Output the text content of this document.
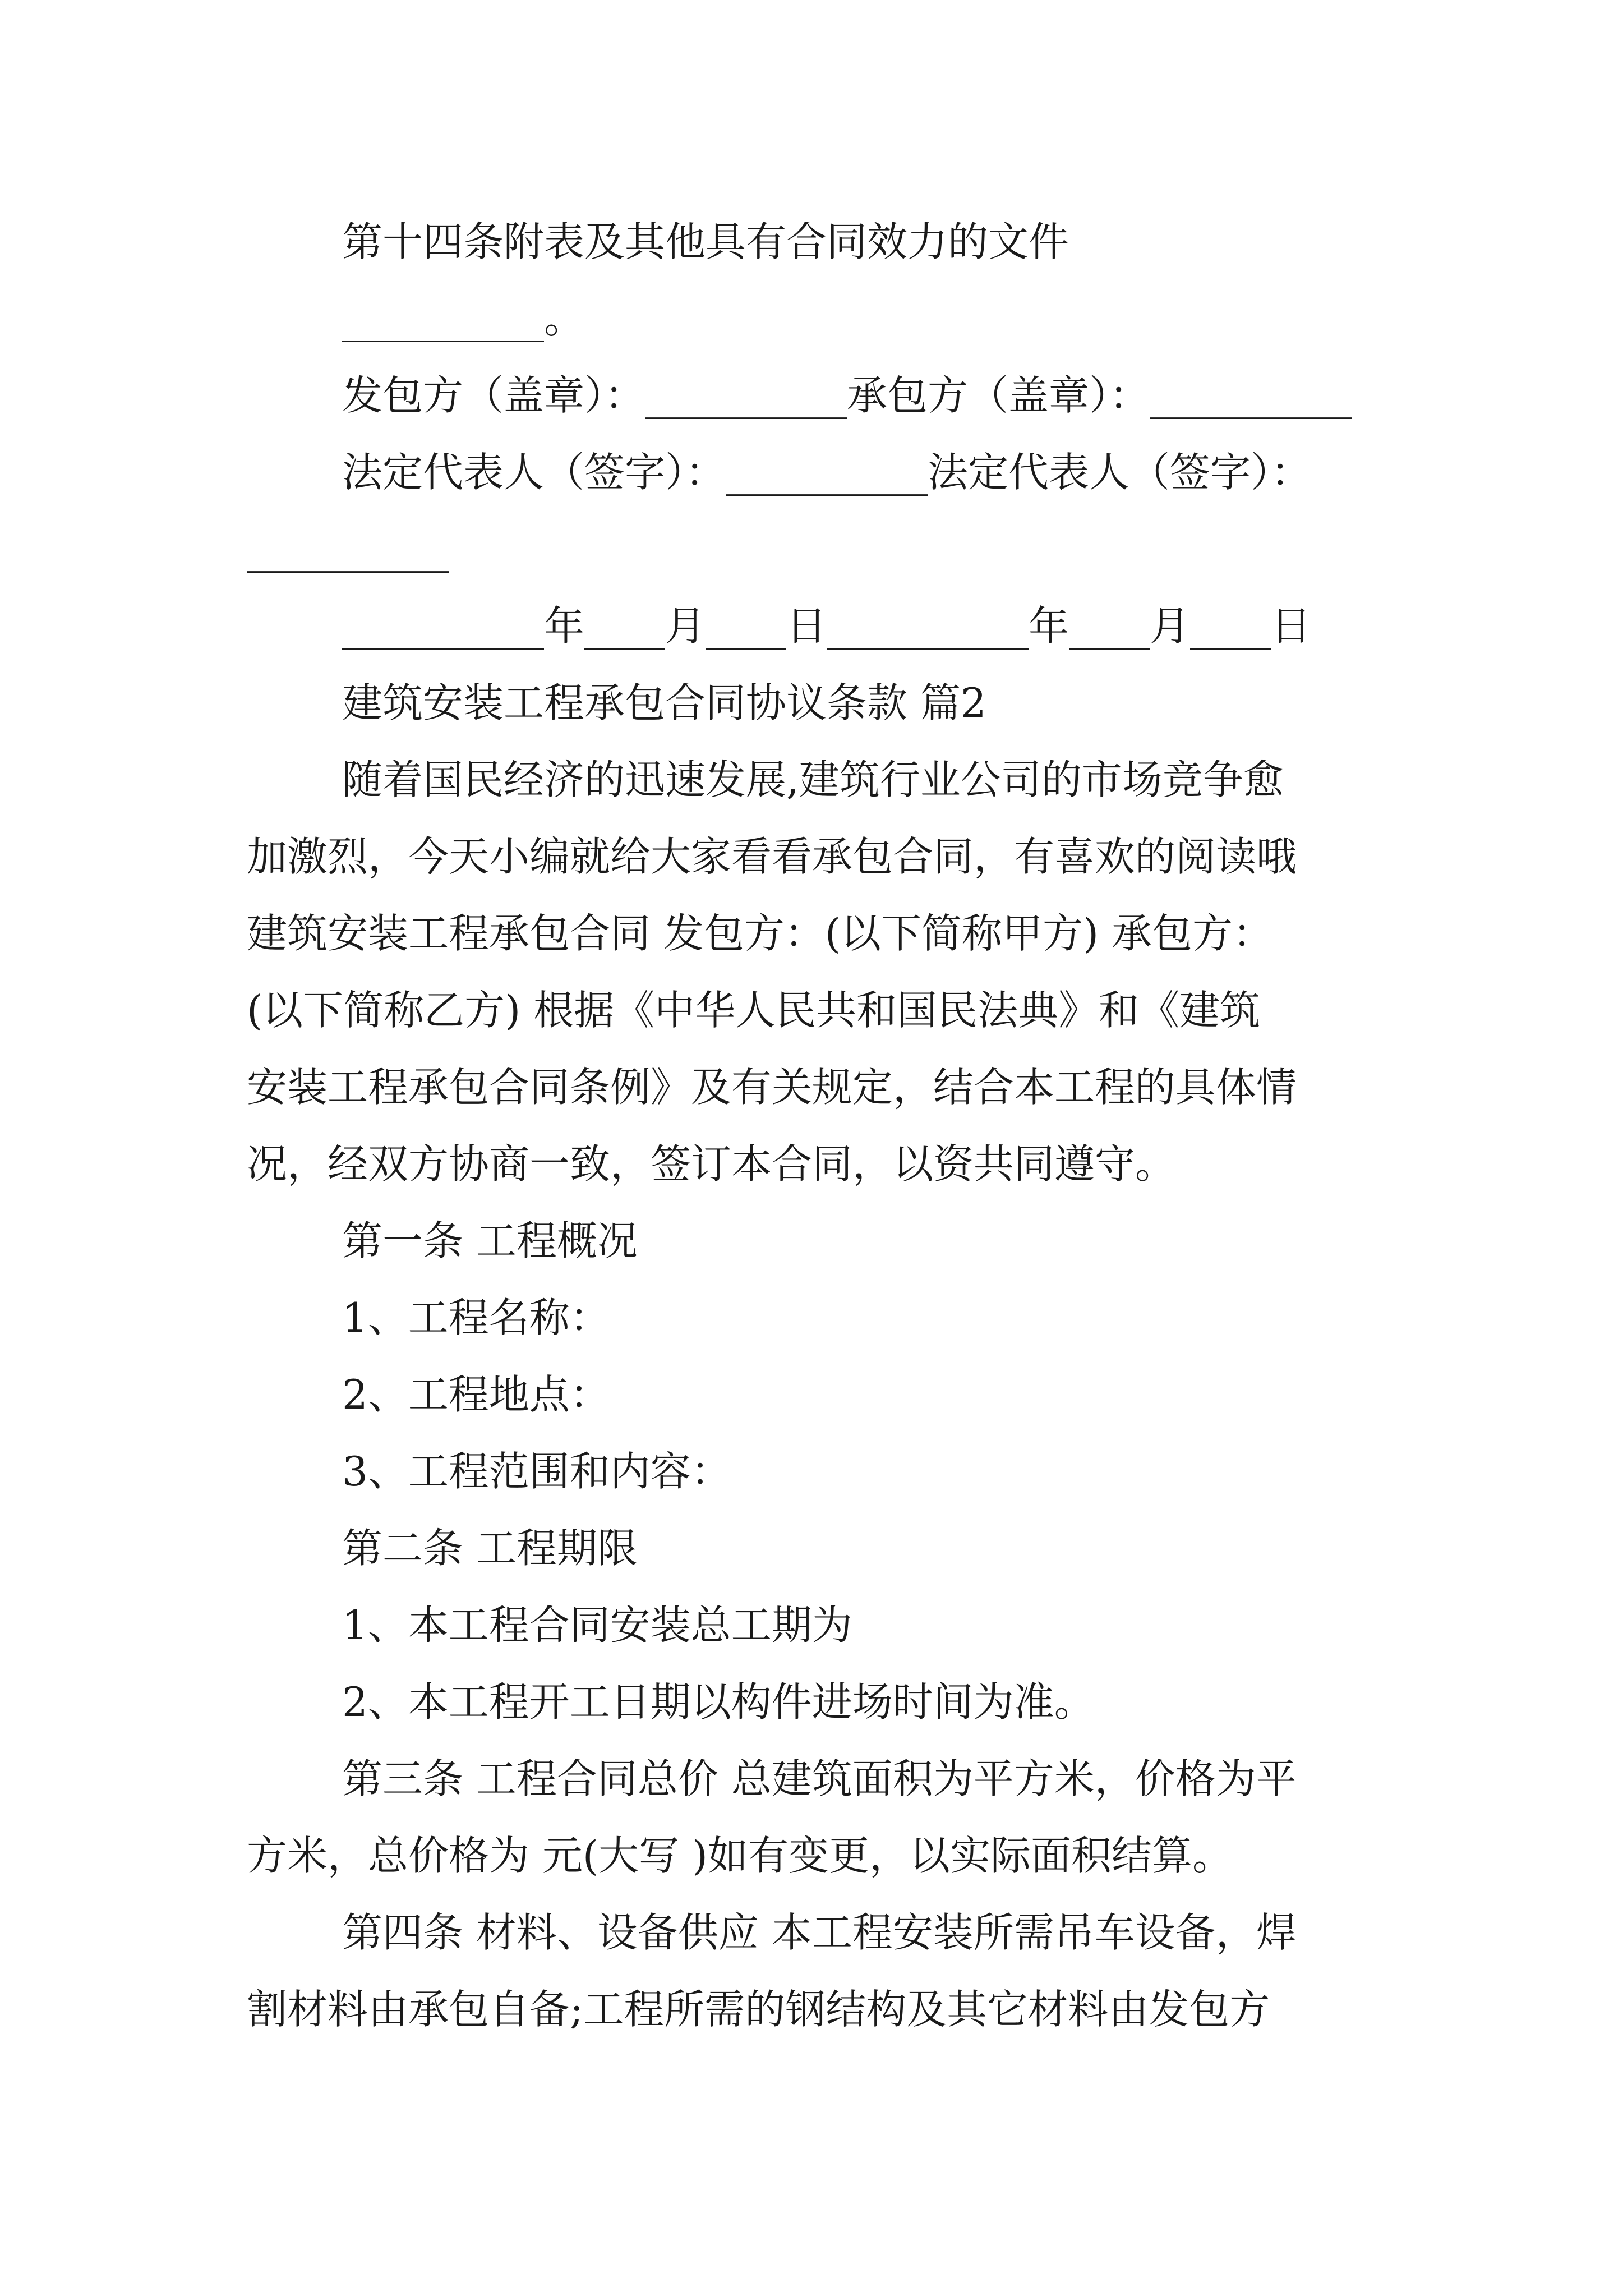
第十四条附表及其他具有合同效力的文件
__________。
发包方（盖章）：__________承包方（盖章）：__________
法定代表人（签字）：__________法定代表人（签字）：
__________
__________年____月____日__________年____月____日
建筑安装工程承包合同协议条款 篇2
随着国民经济的迅速发展,建筑行业公司的市场竞争愈
加激烈，今天小编就给大家看看承包合同，有喜欢的阅读哦
建筑安装工程承包合同 发包方：(以下简称甲方) 承包方：
(以下简称乙方) 根据《中华人民共和国民法典》和《建筑
安装工程承包合同条例》及有关规定，结合本工程的具体情
况，经双方协商一致，签订本合同，以资共同遵守。
第一条 工程概况
1、工程名称：
2、工程地点：
3、工程范围和内容：
第二条 工程期限
1、本工程合同安装总工期为
2、本工程开工日期以构件进场时间为准。
第三条 工程合同总价 总建筑面积为平方米，价格为平
方米，总价格为 元(大写 )如有变更，以实际面积结算。
第四条 材料、设备供应 本工程安装所需吊车设备，焊
割材料由承包自备;工程所需的钢结构及其它材料由发包方
